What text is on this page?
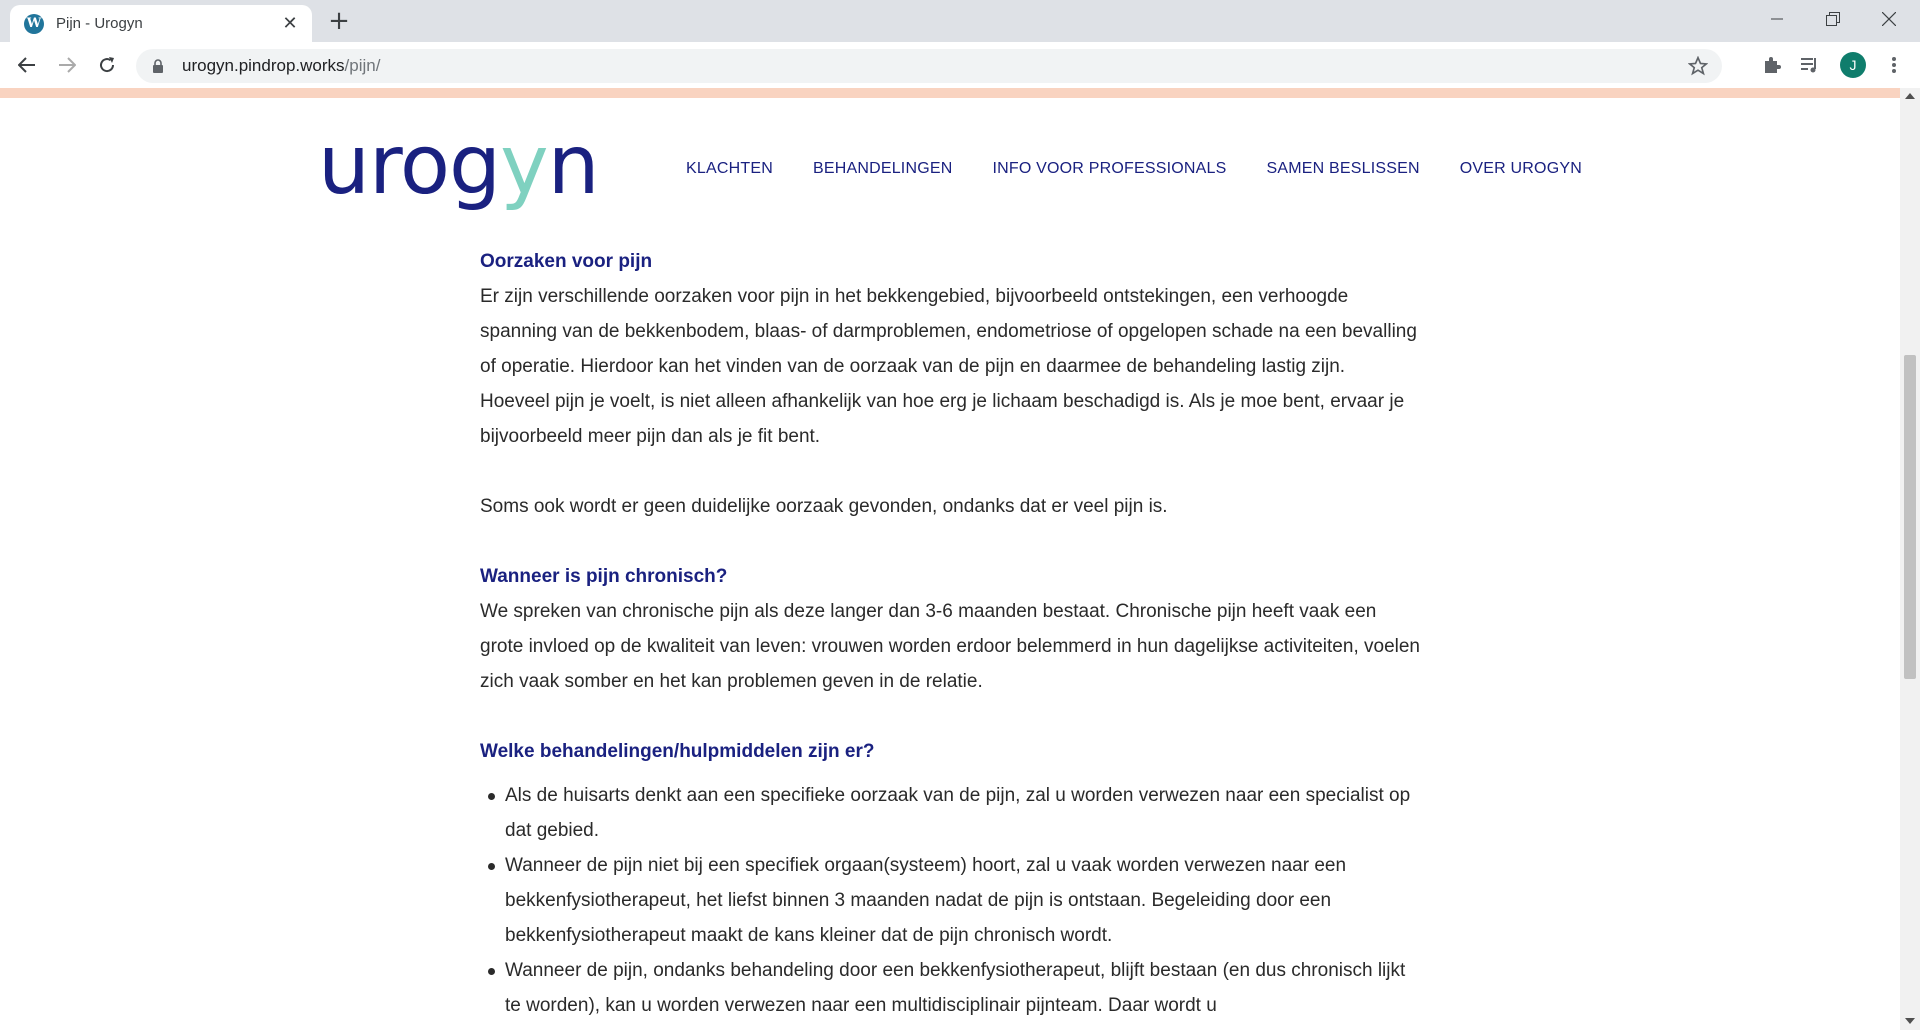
W Pijn - Urogyn	✕ +
urogyn.pindrop.works/pijn/	J
urog y n	KLACHTEN	BEHANDELINGEN	INFO VOOR PROFESSIONALS	SAMEN BESLISSEN	OVER UROGYN
Oorzaken voor pijn

Er zijn verschillende oorzaken voor pijn in het bekkengebied, bijvoorbeeld ontstekingen, een verhoogde spanning van de bekkenbodem, blaas- of darmproblemen, endometriose of opgelopen schade na een bevalling of operatie. Hierdoor kan het vinden van de oorzaak van de pijn en daarmee de behandeling lastig zijn. Hoeveel pijn je voelt, is niet alleen afhankelijk van hoe erg je lichaam beschadigd is. Als je moe bent, ervaar je bijvoorbeeld meer pijn dan als je fit bent.

Soms ook wordt er geen duidelijke oorzaak gevonden, ondanks dat er veel pijn is.

Wanneer is pijn chronisch?

We spreken van chronische pijn als deze langer dan 3-6 maanden bestaat. Chronische pijn heeft vaak een grote invloed op de kwaliteit van leven: vrouwen worden erdoor belemmerd in hun dagelijkse activiteiten, voelen zich vaak somber en het kan problemen geven in de relatie.

Welke behandelingen/hulpmiddelen zijn er?
Als de huisarts denkt aan een specifieke oorzaak van de pijn, zal u worden verwezen naar een specialist op dat gebied.
Wanneer de pijn niet bij een specifiek orgaan(systeem) hoort, zal u vaak worden verwezen naar een bekkenfysiotherapeut, het liefst binnen 3 maanden nadat de pijn is ontstaan. Begeleiding door een bekkenfysiotherapeut maakt de kans kleiner dat de pijn chronisch wordt.
Wanneer de pijn, ondanks behandeling door een bekkenfysiotherapeut, blijft bestaan (en dus chronisch lijkt te worden), kan u worden verwezen naar een multidisciplinair pijnteam. Daar wordt u
